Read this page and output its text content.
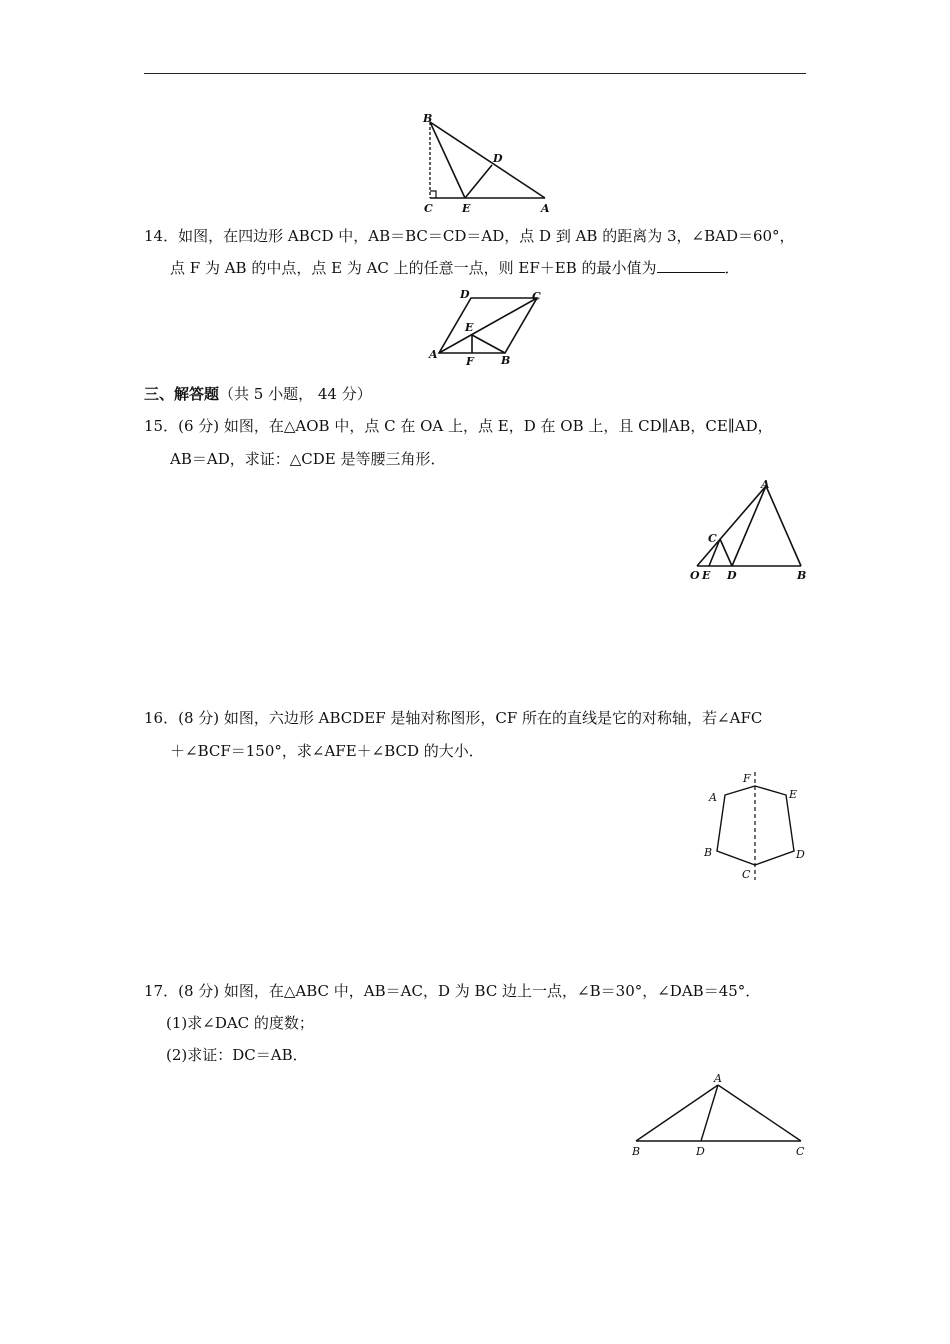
B
D
C	E	A
14．如图，在四边形 ABCD 中，AB＝BC＝CD＝AD，点 D 到 AB 的距离为 3，∠BAD＝60°，
点 F 为 AB 的中点，点 E 为 AC 上的任意一点，则 EF＋EB 的最小值为	．
D	C
E
A
F B
三、解答题（共 5 小题， 44 分）
15．(6 分) 如图，在△AOB 中，点 C 在 OA 上，点 E，D 在 OB 上，且 CD∥AB，CE∥AD，
AB＝AD，求证：△CDE 是等腰三角形．
A
C
O E D	B
16．(8 分) 如图，六边形 ABCDEF 是轴对称图形，CF 所在的直线是它的对称轴，若∠AFC
＋∠BCF＝150°，求∠AFE＋∠BCD 的大小．
F
A	E
B	D
C
17．(8 分) 如图，在△ABC 中，AB＝AC，D 为 BC 边上一点，∠B＝30°，∠DAB＝45°．
(1)求∠DAC 的度数；
(2)求证：DC＝AB．
A
B	D	C
